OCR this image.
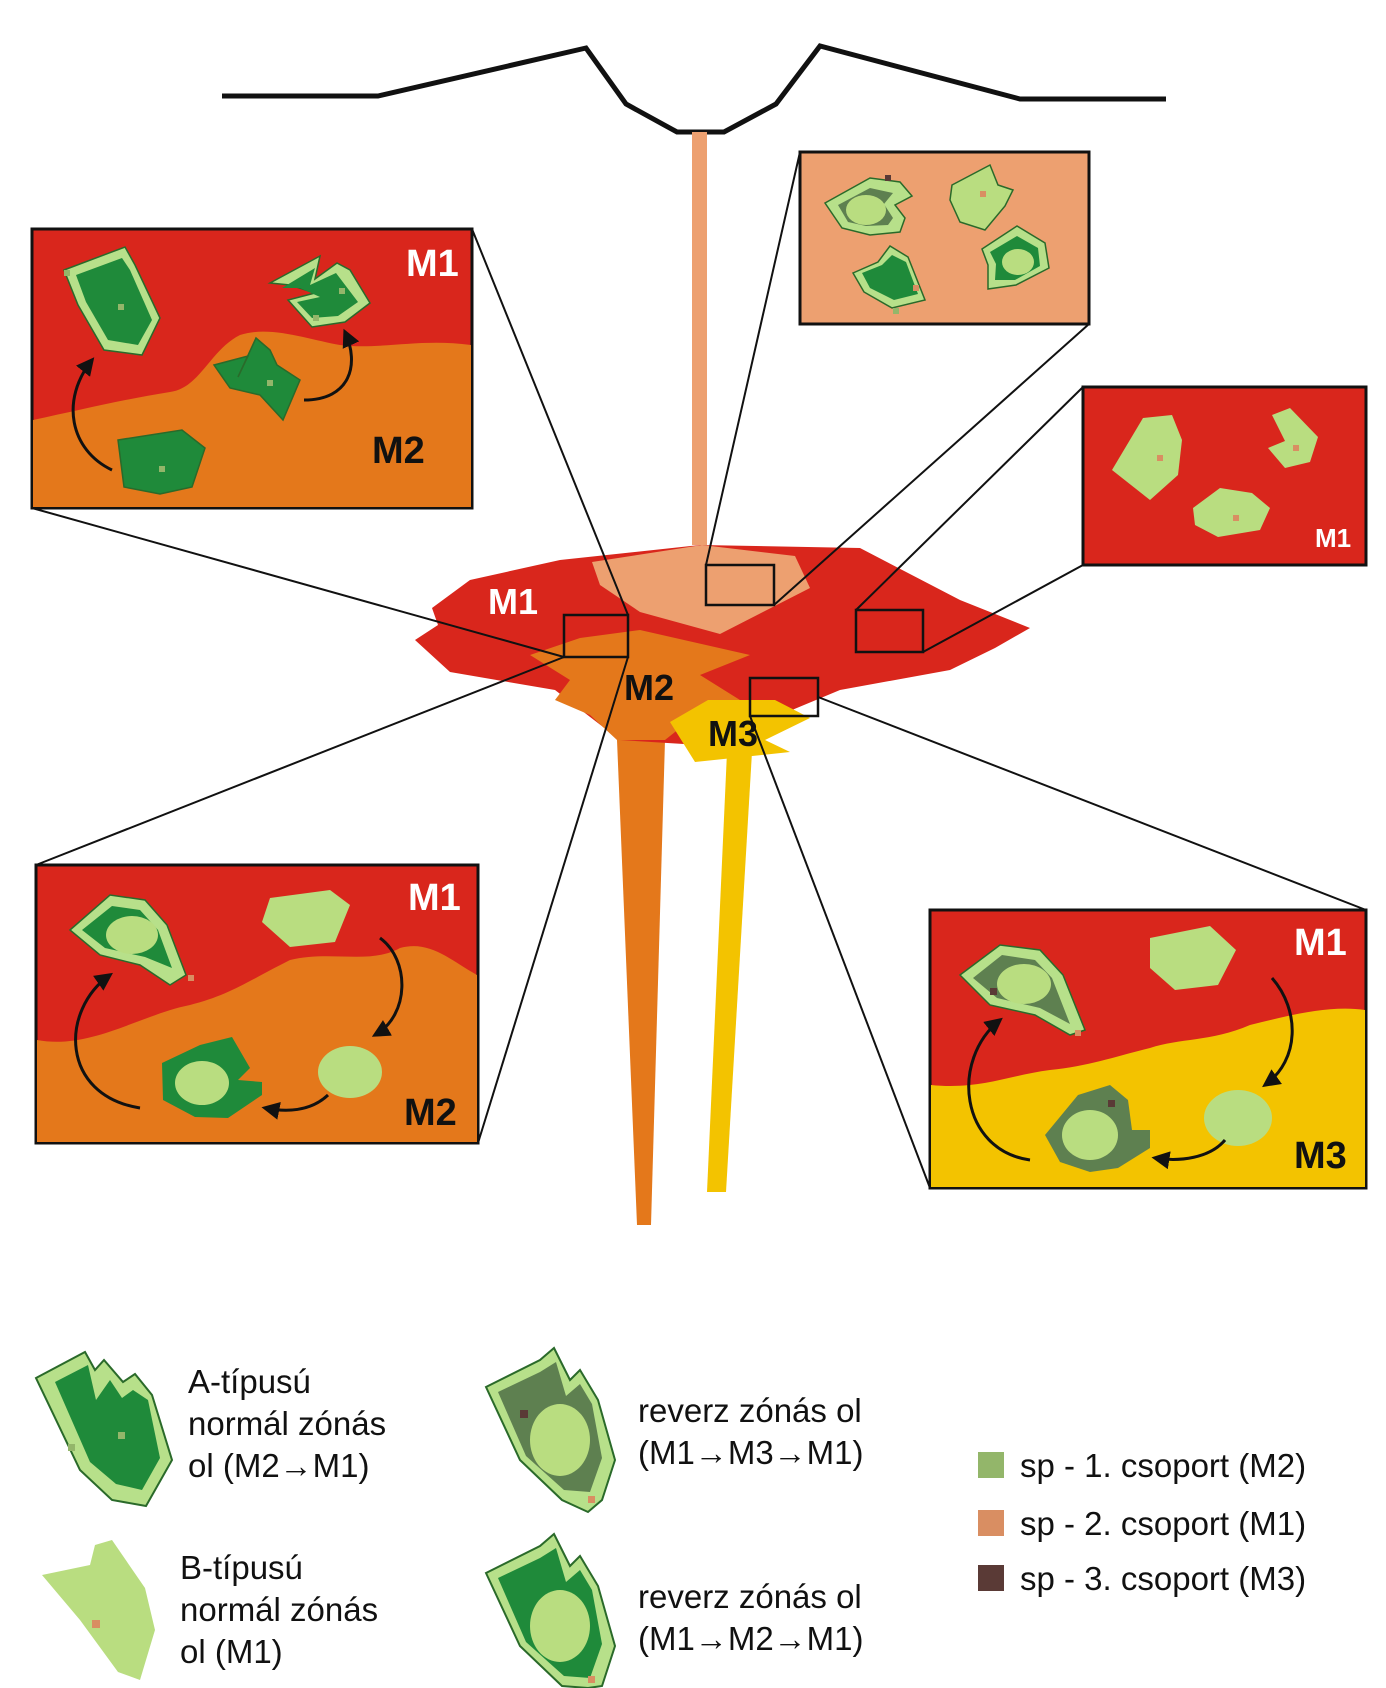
M1
M2
M3
M1
M2
M1
M1
M2
M1
M3
A-típusú
normál zónás
ol (M2→M1)
B-típusú
normál zónás
ol (M1)
reverz zónás ol
(M1→M3→M1)
reverz zónás ol
(M1→M2→M1)
sp - 1. csoport (M2)
sp - 2. csoport (M1)
sp - 3. csoport (M3)
